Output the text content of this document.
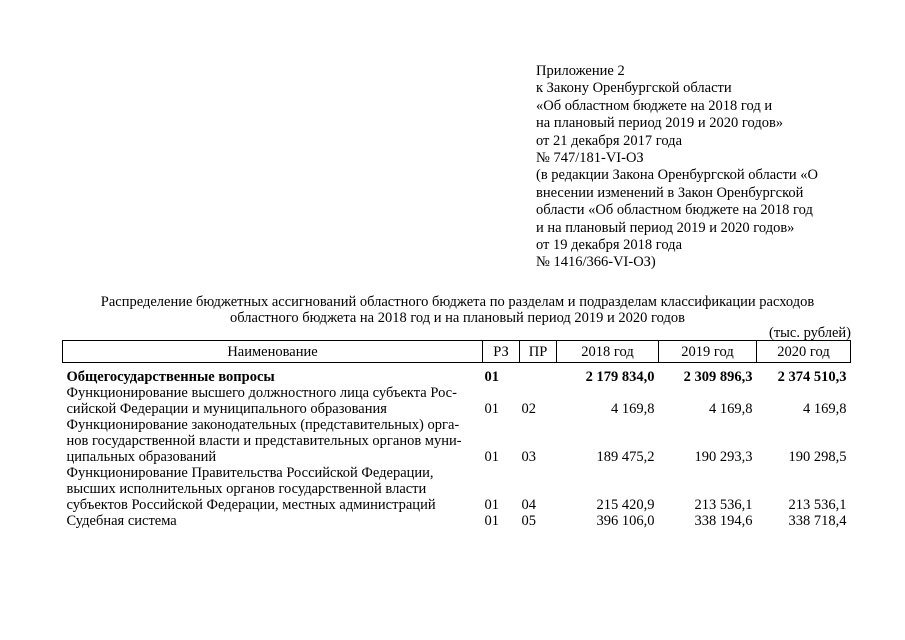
Приложение 2
к Закону Оренбургской области
«Об областном бюджете на 2018 год и
на плановый период 2019 и 2020 годов»
от 21 декабря 2017 года
№ 747/181-VI-ОЗ
(в редакции Закона Оренбургской области «О
внесении изменений в Закон Оренбургской
области «Об областном бюджете на 2018 год
и на плановый период 2019 и 2020 годов»
от 19 декабря 2018 года
№ 1416/366-VI-ОЗ)
Распределение бюджетных ассигнований областного бюджета по разделам и подразделам классификации расходов
областного бюджета на 2018 год и на плановый период 2019 и 2020 годов
(тыс. рублей)
Наименование	РЗ	ПР	2018 год	2019 год	2020 год

Общегосударственные вопросы	01		2 179 834,0	2 309 896,3	2 374 510,3

Функционирование высшего должностного лица субъекта Рос-
сийской Федерации и муниципального образования	01	02	4 169,8	4 169,8	4 169,8

Функционирование законодательных (представительных) орга-
нов государственной власти и представительных органов муни-
ципальных образований	01	03	189 475,2	190 293,3	190 298,5

Функционирование Правительства Российской Федерации,
высших исполнительных органов государственной власти
субъектов Российской Федерации, местных администраций	01	04	215 420,9	213 536,1	213 536,1

Судебная система	01	05	396 106,0	338 194,6	338 718,4
